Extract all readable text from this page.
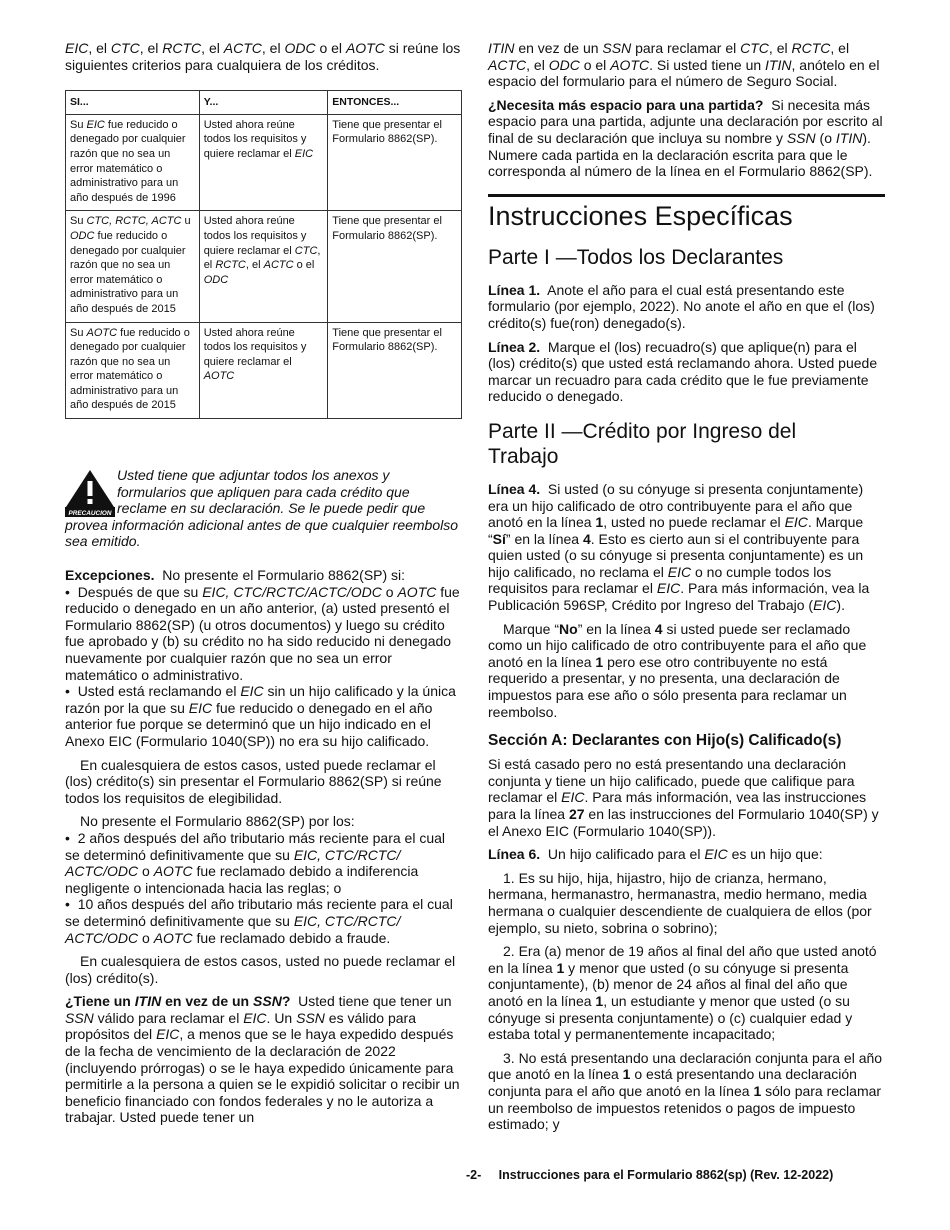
EIC, el CTC, el RCTC, el ACTC, el ODC o el AOTC si reúne los siguientes criterios para cualquiera de los créditos.

SI...	Y...	ENTONCES...
Su EIC fue reducido o denegado por cualquier razón que no sea un error matemático o administrativo para un año después de 1996	Usted ahora reúne todos los requisitos y quiere reclamar el EIC	Tiene que presentar el Formulario 8862(SP).
Su CTC, RCTC, ACTC u ODC fue reducido o denegado por cualquier razón que no sea un error matemático o administrativo para un año después de 2015	Usted ahora reúne todos los requisitos y quiere reclamar el CTC, el RCTC, el ACTC o el ODC	Tiene que presentar el Formulario 8862(SP).
Su AOTC fue reducido o denegado por cualquier razón que no sea un error matemático o administrativo para un año después de 2015	Usted ahora reúne todos los requisitos y quiere reclamar el AOTC	Tiene que presentar el Formulario 8862(SP).
PRECAUCION
Usted tiene que adjuntar todos los anexos y
formularios que apliquen para cada crédito que
reclame en su declaración. Se le puede pedir que
provea información adicional antes de que cualquier reembolso sea emitido.

Excepciones. No presente el Formulario 8862(SP) si:

•  Después de que su EIC, CTC/RCTC/ACTC/ODC o AOTC fue reducido o denegado en un año anterior, (a) usted presentó el Formulario 8862(SP) (u otros documentos) y luego su crédito fue aprobado y (b) su crédito no ha sido reducido ni denegado nuevamente por cualquier razón que no sea un error matemático o administrativo.

•  Usted está reclamando el EIC sin un hijo calificado y la única razón por la que su EIC fue reducido o denegado en el año anterior fue porque se determinó que un hijo indicado en el Anexo EIC (Formulario 1040(SP)) no era su hijo calificado.

En cualesquiera de estos casos, usted puede reclamar el (los) crédito(s) sin presentar el Formulario 8862(SP) si reúne todos los requisitos de elegibilidad.

No presente el Formulario 8862(SP) por los:

•  2 años después del año tributario más reciente para el cual se determinó definitivamente que su EIC, CTC/RCTC/ ACTC/ODC o AOTC fue reclamado debido a indiferencia negligente o intencionada hacia las reglas; o

•  10 años después del año tributario más reciente para el cual se determinó definitivamente que su EIC, CTC/RCTC/ ACTC/ODC o AOTC fue reclamado debido a fraude.

En cualesquiera de estos casos, usted no puede reclamar el (los) crédito(s).

¿Tiene un ITIN en vez de un SSN? Usted tiene que tener un SSN válido para reclamar el EIC. Un SSN es válido para propósitos del EIC, a menos que se le haya expedido después de la fecha de vencimiento de la declaración de 2022 (incluyendo prórrogas) o se le haya expedido únicamente para permitirle a la persona a quien se le expidió solicitar o recibir un beneficio financiado con fondos federales y no le autoriza a trabajar. Usted puede tener un

ITIN en vez de un SSN para reclamar el CTC, el RCTC, el ACTC, el ODC o el AOTC. Si usted tiene un ITIN, anótelo en el espacio del formulario para el número de Seguro Social.

¿Necesita más espacio para una partida? Si necesita más espacio para una partida, adjunte una declaración por escrito al final de su declaración que incluya su nombre y SSN (o ITIN). Numere cada partida en la declaración escrita para que le corresponda al número de la línea en el Formulario 8862(SP).

Instrucciones Específicas
Parte I —Todos los Declarantes

Línea 1. Anote el año para el cual está presentando este formulario (por ejemplo, 2022). No anote el año en que el (los) crédito(s) fue(ron) denegado(s).

Línea 2. Marque el (los) recuadro(s) que aplique(n) para el (los) crédito(s) que usted está reclamando ahora. Usted puede marcar un recuadro para cada crédito que le fue previamente reducido o denegado.

Parte II —Crédito por Ingreso del
Trabajo

Línea 4. Si usted (o su cónyuge si presenta conjuntamente) era un hijo calificado de otro contribuyente para el año que anotó en la línea 1, usted no puede reclamar el EIC. Marque “Sí” en la línea 4. Esto es cierto aun si el contribuyente para quien usted (o su cónyuge si presenta conjuntamente) es un hijo calificado, no reclama el EIC o no cumple todos los requisitos para reclamar el EIC. Para más información, vea la Publicación 596SP, Crédito por Ingreso del Trabajo (EIC).

Marque “No” en la línea 4 si usted puede ser reclamado como un hijo calificado de otro contribuyente para el año que anotó en la línea 1 pero ese otro contribuyente no está requerido a presentar, y no presenta, una declaración de impuestos para ese año o sólo presenta para reclamar un reembolso.

Sección A: Declarantes con Hijo(s) Calificado(s)

Si está casado pero no está presentando una declaración conjunta y tiene un hijo calificado, puede que califique para reclamar el EIC. Para más información, vea las instrucciones para la línea 27 en las instrucciones del Formulario 1040(SP) y el Anexo EIC (Formulario 1040(SP)).

Línea 6. Un hijo calificado para el EIC es un hijo que:

1. Es su hijo, hija, hijastro, hijo de crianza, hermano, hermana, hermanastro, hermanastra, medio hermano, media hermana o cualquier descendiente de cualquiera de ellos (por ejemplo, su nieto, sobrina o sobrino);

2. Era (a) menor de 19 años al final del año que usted anotó en la línea 1 y menor que usted (o su cónyuge si presenta conjuntamente), (b) menor de 24 años al final del año que anotó en la línea 1, un estudiante y menor que usted (o su cónyuge si presenta conjuntamente) o (c) cualquier edad y estaba total y permanentemente incapacitado;

3. No está presentando una declaración conjunta para el año que anotó en la línea 1 o está presentando una declaración conjunta para el año que anotó en la línea 1 sólo para reclamar un reembolso de impuestos retenidos o pagos de impuesto estimado; y

-2- Instrucciones para el Formulario 8862(sp) (Rev. 12-2022)
